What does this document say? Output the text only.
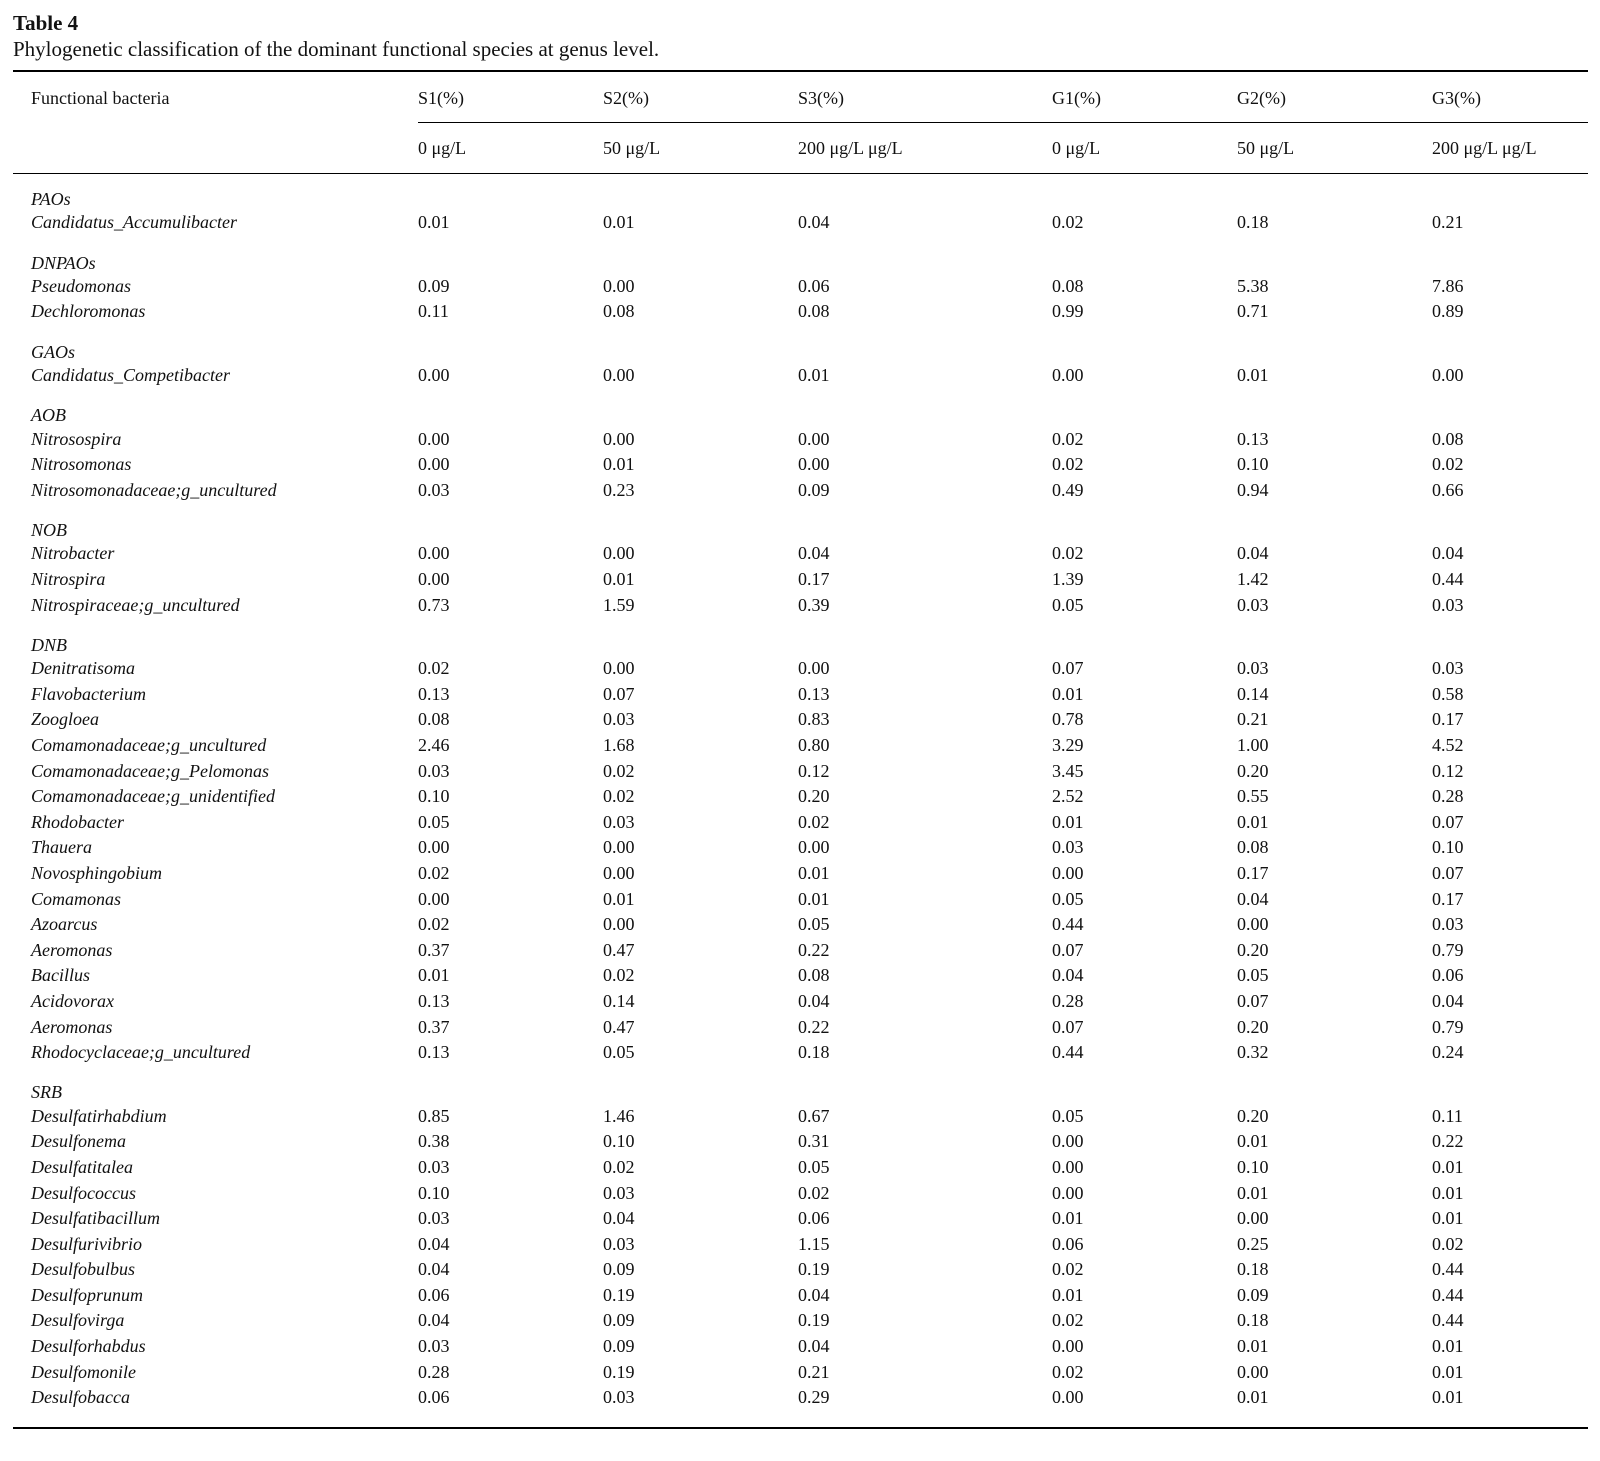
Table 4

Phylogenetic classification of the dominant functional species at genus level.

Functional bacteria	S1(%)	S2(%)	S3(%)	G1(%)	G2(%)	G3(%)
	0 μg/L	50 μg/L	200 μg/L μg/L	0 μg/L	50 μg/L	200 μg/L μg/L
PAOs						
Candidatus_Accumulibacter	0.01	0.01	0.04	0.02	0.18	0.21
DNPAOs						
Pseudomonas	0.09	0.00	0.06	0.08	5.38	7.86
Dechloromonas	0.11	0.08	0.08	0.99	0.71	0.89
GAOs						
Candidatus_Competibacter	0.00	0.00	0.01	0.00	0.01	0.00
AOB						
Nitrosospira	0.00	0.00	0.00	0.02	0.13	0.08
Nitrosomonas	0.00	0.01	0.00	0.02	0.10	0.02
Nitrosomonadaceae;g_uncultured	0.03	0.23	0.09	0.49	0.94	0.66
NOB						
Nitrobacter	0.00	0.00	0.04	0.02	0.04	0.04
Nitrospira	0.00	0.01	0.17	1.39	1.42	0.44
Nitrospiraceae;g_uncultured	0.73	1.59	0.39	0.05	0.03	0.03
DNB						
Denitratisoma	0.02	0.00	0.00	0.07	0.03	0.03
Flavobacterium	0.13	0.07	0.13	0.01	0.14	0.58
Zoogloea	0.08	0.03	0.83	0.78	0.21	0.17
Comamonadaceae;g_uncultured	2.46	1.68	0.80	3.29	1.00	4.52
Comamonadaceae;g_Pelomonas	0.03	0.02	0.12	3.45	0.20	0.12
Comamonadaceae;g_unidentified	0.10	0.02	0.20	2.52	0.55	0.28
Rhodobacter	0.05	0.03	0.02	0.01	0.01	0.07
Thauera	0.00	0.00	0.00	0.03	0.08	0.10
Novosphingobium	0.02	0.00	0.01	0.00	0.17	0.07
Comamonas	0.00	0.01	0.01	0.05	0.04	0.17
Azoarcus	0.02	0.00	0.05	0.44	0.00	0.03
Aeromonas	0.37	0.47	0.22	0.07	0.20	0.79
Bacillus	0.01	0.02	0.08	0.04	0.05	0.06
Acidovorax	0.13	0.14	0.04	0.28	0.07	0.04
Aeromonas	0.37	0.47	0.22	0.07	0.20	0.79
Rhodocyclaceae;g_uncultured	0.13	0.05	0.18	0.44	0.32	0.24
SRB						
Desulfatirhabdium	0.85	1.46	0.67	0.05	0.20	0.11
Desulfonema	0.38	0.10	0.31	0.00	0.01	0.22
Desulfatitalea	0.03	0.02	0.05	0.00	0.10	0.01
Desulfococcus	0.10	0.03	0.02	0.00	0.01	0.01
Desulfatibacillum	0.03	0.04	0.06	0.01	0.00	0.01
Desulfurivibrio	0.04	0.03	1.15	0.06	0.25	0.02
Desulfobulbus	0.04	0.09	0.19	0.02	0.18	0.44
Desulfoprunum	0.06	0.19	0.04	0.01	0.09	0.44
Desulfovirga	0.04	0.09	0.19	0.02	0.18	0.44
Desulforhabdus	0.03	0.09	0.04	0.00	0.01	0.01
Desulfomonile	0.28	0.19	0.21	0.02	0.00	0.01
Desulfobacca	0.06	0.03	0.29	0.00	0.01	0.01
